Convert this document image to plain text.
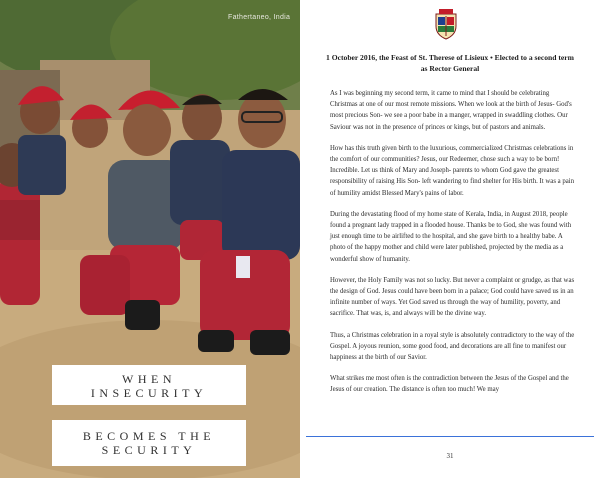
Fathertaneo, India
WHEN
INSECURITY
BECOMES THE
SECURITY
1 October 2016, the Feast of St. Therese of Lisieux • Elected to a second term as Rector General

As I was beginning my second term, it came to mind that I should be celebrating Christmas at one of our most remote missions. When we look at the birth of Jesus- God's most precious Son- we see a poor babe in a manger, wrapped in swaddling clothes. Our Saviour was not in the presence of princes or kings, but of pastors and animals.

How has this truth given birth to the luxurious, commercialized Christmas celebrations in the comfort of our communities? Jesus, our Redeemer, chose such a way to be born! Incredible. Let us think of Mary and Joseph- parents to whom God gave the greatest responsibility of raising His Son- left wandering to find shelter for His birth. It was a pain of humility amidst Blessed Mary's pains of labor.

During the devastating flood of my home state of Kerala, India, in August 2018, people found a pregnant lady trapped in a flooded house. Thanks be to God, she was found with just enough time to be airlifted to the hospital, and she gave birth to a healthy babe. A photo of the happy mother and child were later published, projected by the media as a wonderful show of humanity.

However, the Holy Family was not so lucky. But never a complaint or grudge, as that was the design of God. Jesus could have been born in a palace; God could have saved us in an infinite number of ways. Yet God saved us through the way of humility, poverty, and sacrifice. That was, is, and always will be the divine way.

Thus, a Christmas celebration in a royal style is absolutely contradictory to the way of the Gospel. A joyous reunion, some good food, and decorations are all fine to manifest our happiness at the birth of our Savior.

What strikes me most often is the contradiction between the Jesus of the Gospel and the Jesus of our creation. The distance is often too much! We may

31
